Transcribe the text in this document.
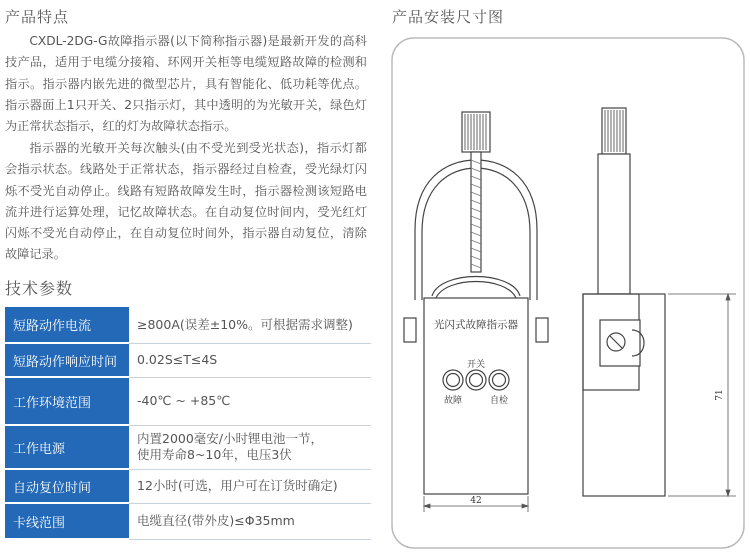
产品特点
CXDL-2DG-G故障指示器(以下简称指示器)是最新开发的高科技产品，适用于电缆分接箱、环网开关柜等电缆短路故障的检测和指示。指示器内嵌先进的微型芯片，具有智能化、低功耗等优点。指示器面上1只开关、2只指示灯，其中透明的为光敏开关，绿色灯为正常状态指示，红的灯为故障状态指示。
指示器的光敏开关每次触头(由不受光到受光状态)，指示灯都会指示状态。线路处于正常状态，指示器经过自检查，受光绿灯闪烁不受光自动停止。线路有短路故障发生时，指示器检测该短路电流并进行运算处理，记忆故障状态。在自动复位时间内，受光红灯闪烁不受光自动停止，在自动复位时间外，指示器自动复位，清除故障记录。
技术参数
短路动作电流	≥800A(误差±10%。可根据需求调整)

短路动作响应时间	0.02S≤T≤4S

工作环境范围	-40℃ ~ +85℃

工作电源	内置2000毫安/小时锂电池一节，
使用寿命8~10年，电压3伏

自动复位时间	12小时(可选，用户可在订货时确定)

卡线范围	电缆直径(带外皮)≤Φ35mm
产品安装尺寸图
光闪式故障指示器
开关
故障	自检
42
71
